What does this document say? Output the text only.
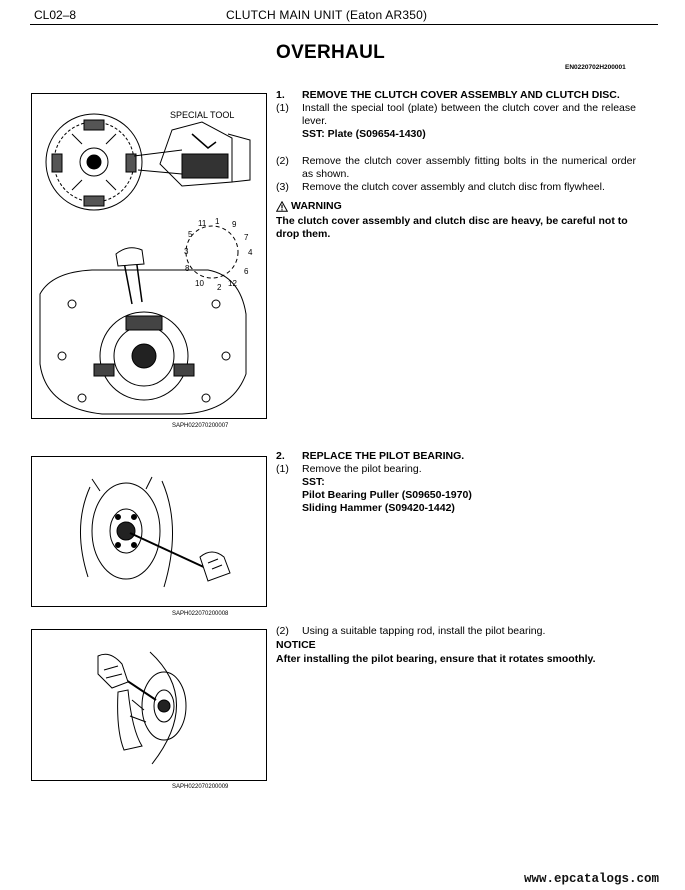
CL02–8	CLUTCH MAIN UNIT (Eaton AR350)
OVERHAUL
EN0220702H200001
SPECIAL TOOL
1
2
3	4
5
6
7
8
9
10
11
12
SAPH022070200007
SAPH022070200008
SAPH022070200009
1. REMOVE THE CLUTCH COVER ASSEMBLY AND CLUTCH DISC.
(1) Install the special tool (plate) between the clutch cover and the release lever.
SST: Plate (S09654-1430)
(2) Remove the clutch cover assembly fitting bolts in the numerical order as shown.
(3) Remove the clutch cover assembly and clutch disc from flywheel.
WARNING
The clutch cover assembly and clutch disc are heavy, be careful not to drop them.
2. REPLACE THE PILOT BEARING.
(1) Remove the pilot bearing.
SST:
Pilot Bearing Puller (S09650-1970)
Sliding Hammer (S09420-1442)
(2) Using a suitable tapping rod, install the pilot bearing.
NOTICE
After installing the pilot bearing, ensure that it rotates smoothly.
www.epcatalogs.com
